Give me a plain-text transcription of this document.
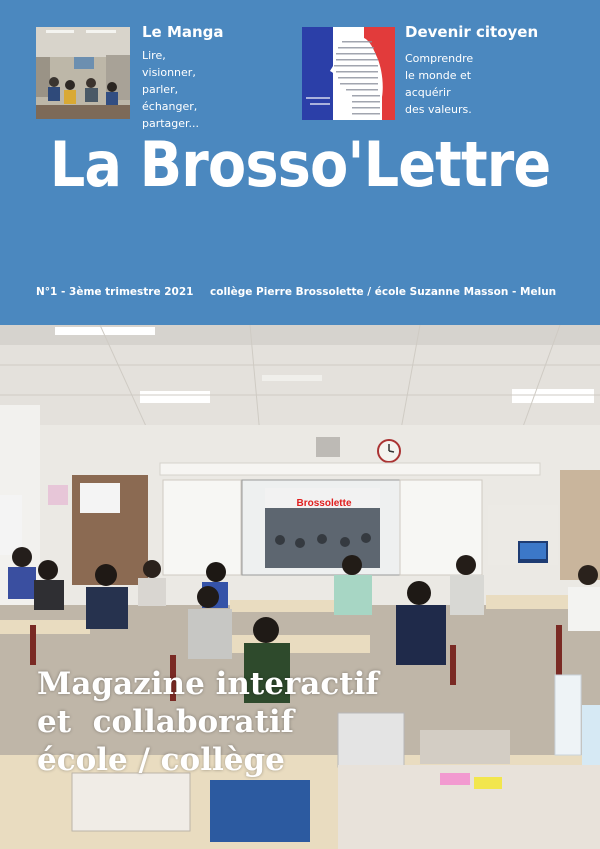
Le Manga
Lire, visionner, parler,
échanger, partager...
Devenir citoyen
Comprendre le monde et
acquérir des valeurs.
La Brosso'Lettre
N°1 - 3ème trimestre 2021 collège Pierre Brossolette / école Suzanne Masson - Melun
Brossolette
Magazine interactif
et  collaboratif
école / collège
